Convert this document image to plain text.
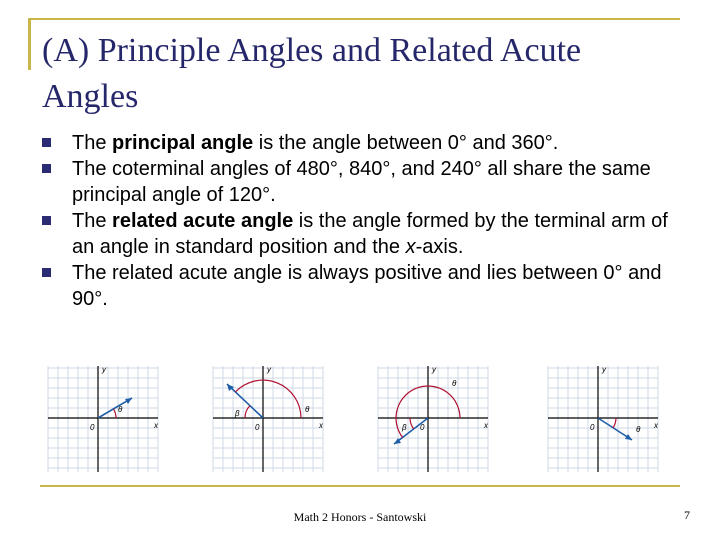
(A) Principle Angles and Related Acute Angles
The principal angle is the angle between 0° and 360°.
The coterminal angles of 480°, 840°, and 240° all share the same principal angle of 120°.
The related acute angle is the angle formed by the terminal arm of an angle in standard position and the x-axis.
The related acute angle is always positive and lies between 0° and 90°.
θ
y
x
0
θ
β
y
x
0
θ
β
y
x
0	θ
y
x
0
Math 2 Honors - Santowski	7
